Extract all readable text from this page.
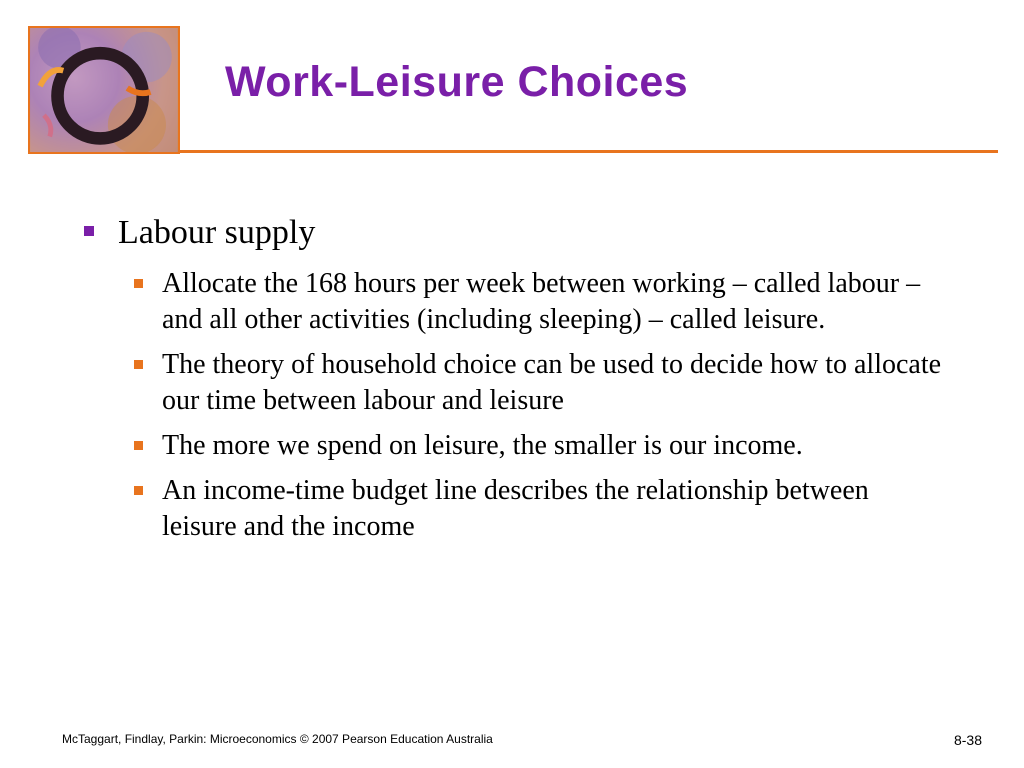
Work-Leisure Choices
Labour supply
Allocate the 168 hours per week between working – called labour – and all other activities (including sleeping) – called leisure.
The theory of household choice can be used to decide how to allocate our time between labour and leisure
The more we spend on leisure, the smaller is our income.
An income-time budget line describes the relationship between leisure and the income
McTaggart, Findlay, Parkin: Microeconomics © 2007 Pearson Education Australia	8-38
